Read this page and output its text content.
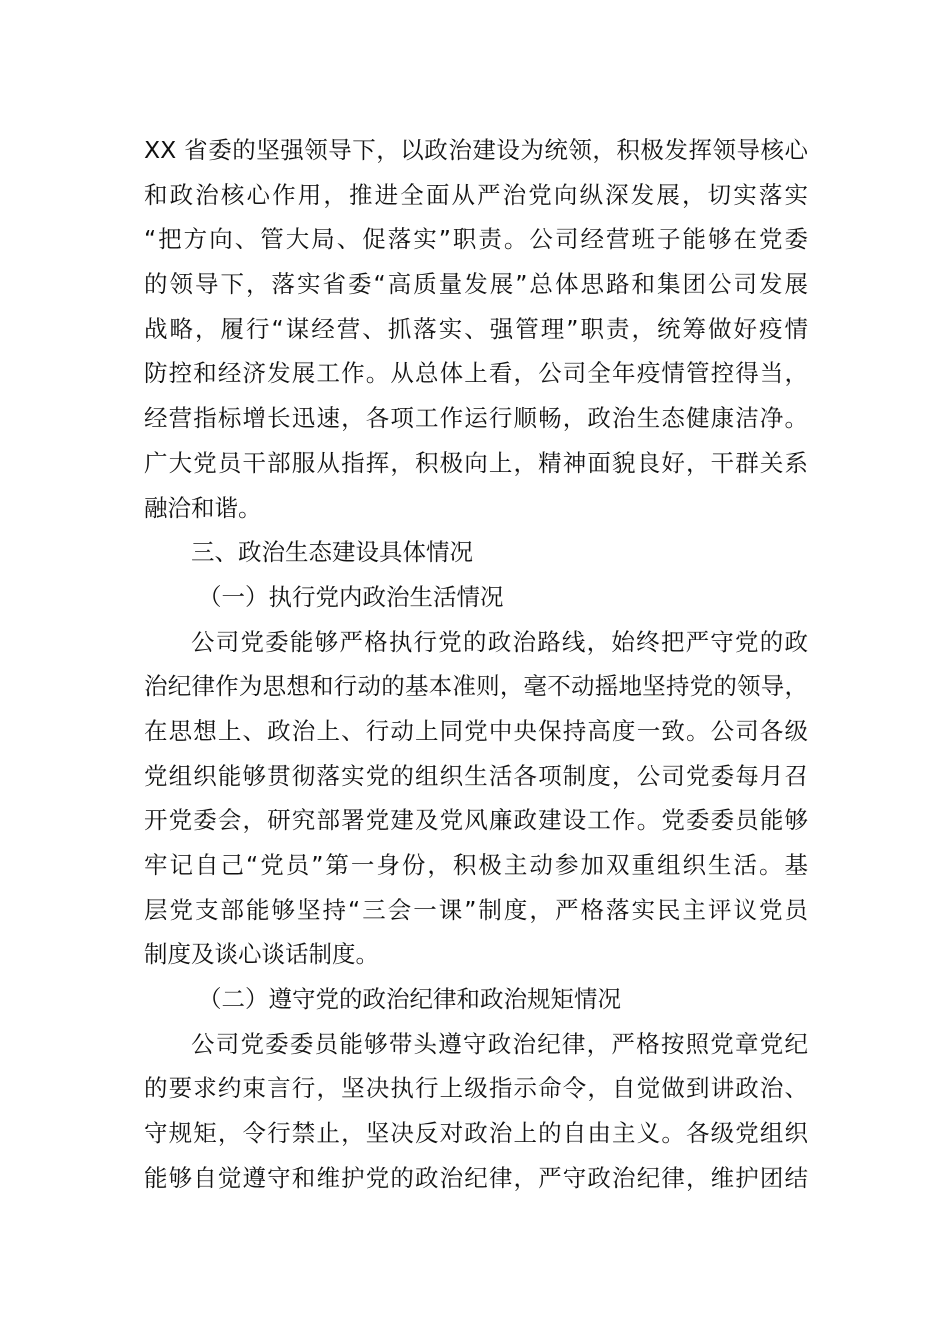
XX 省委的坚强领导下，以政治建设为统领，积极发挥领导核心
和政治核心作用，推进全面从严治党向纵深发展，切实落实
“把方向、管大局、促落实”职责。公司经营班子能够在党委
的领导下，落实省委“高质量发展”总体思路和集团公司发展
战略，履行“谋经营、抓落实、强管理”职责，统筹做好疫情
防控和经济发展工作。从总体上看，公司全年疫情管控得当，
经营指标增长迅速，各项工作运行顺畅，政治生态健康洁净。
广大党员干部服从指挥，积极向上，精神面貌良好，干群关系
融洽和谐。
三、政治生态建设具体情况
（一）执行党内政治生活情况
公司党委能够严格执行党的政治路线，始终把严守党的政
治纪律作为思想和行动的基本准则，毫不动摇地坚持党的领导，
在思想上、政治上、行动上同党中央保持高度一致。公司各级
党组织能够贯彻落实党的组织生活各项制度，公司党委每月召
开党委会，研究部署党建及党风廉政建设工作。党委委员能够
牢记自己“党员”第一身份，积极主动参加双重组织生活。基
层党支部能够坚持“三会一课”制度，严格落实民主评议党员
制度及谈心谈话制度。
（二）遵守党的政治纪律和政治规矩情况
公司党委委员能够带头遵守政治纪律，严格按照党章党纪
的要求约束言行，坚决执行上级指示命令，自觉做到讲政治、
守规矩，令行禁止，坚决反对政治上的自由主义。各级党组织
能够自觉遵守和维护党的政治纪律，严守政治纪律，维护团结
